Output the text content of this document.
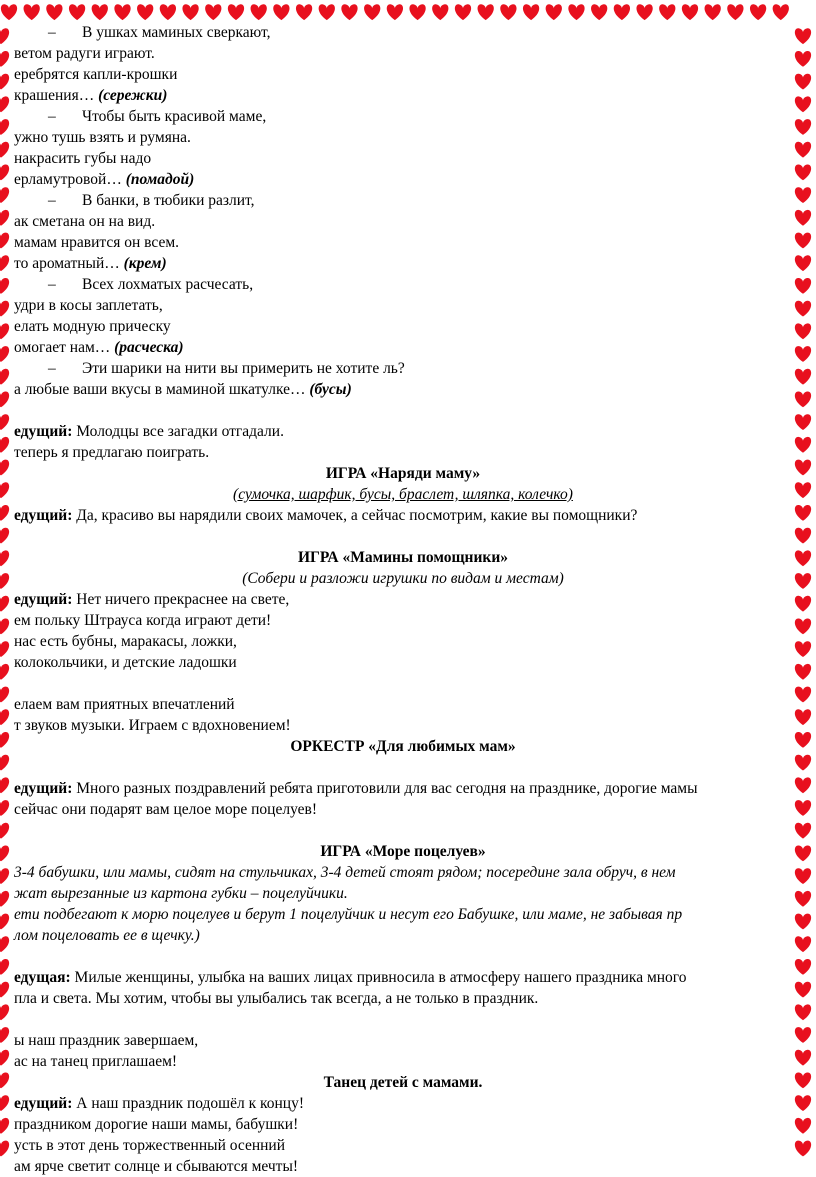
– В ушках маминых сверкают,
ветом радуги играют.
еребрятся капли-крошки
крашения… (сережки)
– Чтобы быть красивой маме,
ужно тушь взять и румяна.
накрасить губы надо
ерламутровой… (помадой)
– В банки, в тюбики разлит,
ак сметана он на вид.
мамам нравится он всем.
то ароматный… (крем)
– Всех лохматых расчесать,
удри в косы заплетать,
елать модную прическу
омогает нам… (расческа)
– Эти шарики на нити вы примерить не хотите ль?
а любые ваши вкусы в маминой шкатулке… (бусы)
едущий: Молодцы все загадки отгадали.
теперь я предлагаю поиграть.
ИГРА «Наряди маму»
(сумочка, шарфик, бусы, браслет, шляпка, колечко)
едущий: Да, красиво вы нарядили своих мамочек, а сейчас посмотрим, какие вы помощники?
ИГРА «Мамины помощники»
(Собери и разложи игрушки по видам и местам)
едущий: Нет ничего прекраснее на свете,
ем польку Штрауса когда играют дети!
нас есть бубны, маракасы, ложки,
колокольчики, и детские ладошки
елаем вам приятных впечатлений
т звуков музыки. Играем с вдохновением!
ОРКЕСТР «Для любимых мам»
едущий: Много разных поздравлений ребята приготовили для вас сегодня на празднике, дорогие мамы
сейчас они подарят вам целое море поцелуев!
ИГРА «Море поцелуев»
3-4 бабушки, или мамы, сидят на стульчиках, 3-4 детей стоят рядом; посередине зала обруч, в нем
жат вырезанные из картона губки – поцелуйчики.
ети подбегают к морю поцелуев и берут 1 поцелуйчик и несут его Бабушке, или маме, не забывая пр
лом поцеловать ее в щечку.)
едущая: Милые женщины, улыбка на ваших лицах привносила в атмосферу нашего праздника много
пла и света. Мы хотим, чтобы вы улыбались так всегда, а не только в праздник.
ы наш праздник завершаем,
ас на танец приглашаем!
Танец детей с мамами.
едущий: А наш праздник подошёл к концу!
праздником дорогие наши мамы, бабушки!
усть в этот день торжественный осенний
ам ярче светит солнце и сбываются мечты!
